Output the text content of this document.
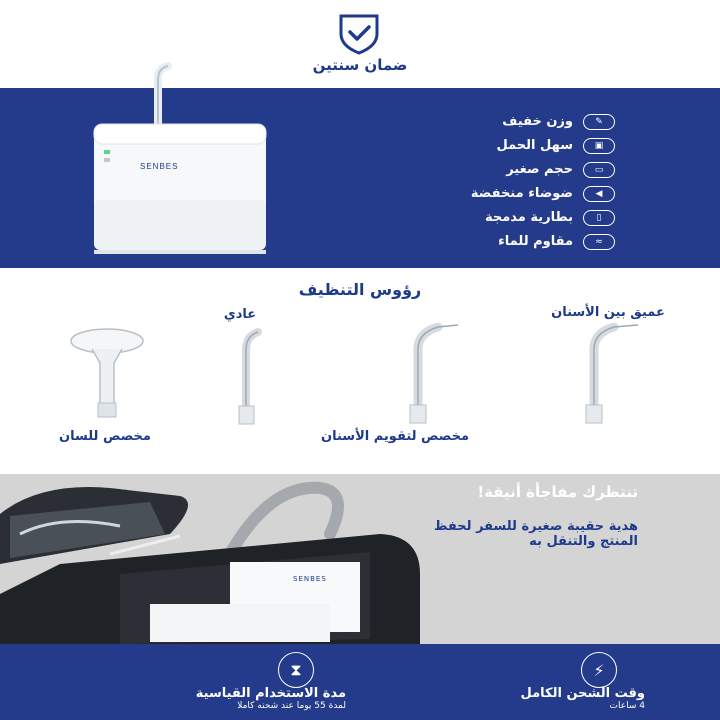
ضمان سنتين
SENBES
✎
وزن خفيف
▣
سهل الحمل
▭
حجم صغير
◀
ضوضاء منخفضة
▯
بطارية مدمجة
≈
مقاوم للماء
رؤوس التنظيف
عميق بين الأسنان
عادي
مخصص لتقويم الأسنان
مخصص للسان
SENBES
تنتظرك مفاجأة أنيقة!
هدية حقيبة صغيرة للسفر لحفظ المنتج والتنقل به
⚡
وقت الشحن الكامل
4 ساعات
⧗
مدة الاستخدام القياسية
لمدة 55 يوما عند شحنه كاملا
